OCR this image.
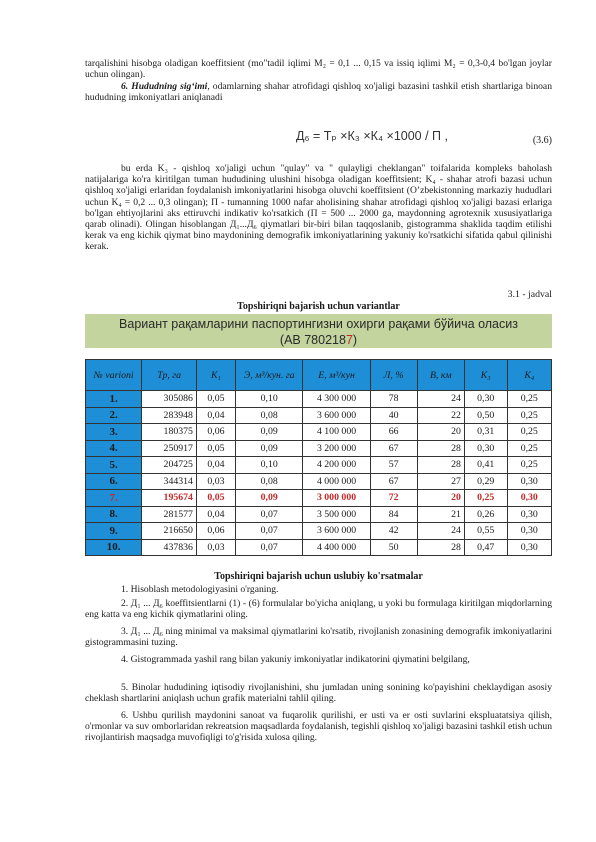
tarqalishini hisobga oladigan koeffitsient (mo"tadil iqlimi M₂ = 0,1 ... 0,15 va issiq iqlimi M₂ = 0,3-0,4 bo'lgan joylar uchun olingan).
6. Hududning sig‘imi, odamlarning shahar atrofidagi qishloq xo'jaligi bazasini tashkil etish shartlariga binoan hududning imkoniyatlari aniqlanadi
Д₆ = Тₚ ×К₃ ×К₄ ×1000 / П ,	(3.6)
bu erda K₃ - qishloq xo'jaligi uchun "qulay" va " qulayligi cheklangan" toifalarida kompleks baholash natijalariga ko'ra kiritilgan tuman hududining ulushini hisobga oladigan koeffitsient; K₄ - shahar atrofi bazasi uchun qishloq xo'jaligi erlaridan foydalanish imkoniyatlarini hisobga oluvchi koeffitsient (O’zbekistonning markaziy hududlari uchun K₄ = 0,2 ... 0,3 olingan); П - tumanning 1000 nafar aholisining shahar atrofidagi qishloq xo'jaligi bazasi erlariga bo'lgan ehtiyojlarini aks ettiruvchi indikativ ko'rsatkich (П = 500 ... 2000 ga, maydonning agrotexnik xususiyatlariga qarab olinadi). Olingan hisoblangan Д₁...Д₆ qiymatlari bir-biri bilan taqqoslanib, gistogramma shaklida taqdim etilishi kerak va eng kichik qiymat bino maydonining demografik imkoniyatlarining yakuniy ko'rsatkichi sifatida qabul qilinishi kerak.
3.1 - jadval
Topshiriqni bajarish uchun variantlar
Вариант рақамларини паспортингизни охирги рақами бўйича оласиз
(АВ 7802187)
№ varioni	Тр, га	К₁	Э, м³/кун. га	Е, м³/кун	Л, %	В, км	К₃	К₄
1.	305086	0,05	0,10	4 300 000	78	24	0,30	0,25
2.	283948	0,04	0,08	3 600 000	40	22	0,50	0,25
3.	180375	0,06	0,09	4 100 000	66	20	0,31	0,25
4.	250917	0,05	0,09	3 200 000	67	28	0,30	0,25
5.	204725	0,04	0,10	4 200 000	57	28	0,41	0,25
6.	344314	0,03	0,08	4 000 000	67	27	0,29	0,30
7.	195674	0,05	0,09	3 000 000	72	20	0,25	0,30
8.	281577	0,04	0,07	3 500 000	84	21	0,26	0,30
9.	216650	0,06	0,07	3 600 000	42	24	0,55	0,30
10.	437836	0,03	0,07	4 400 000	50	28	0,47	0,30
Topshiriqni bajarish uchun uslubiy ko'rsatmalar
1. Hisoblash metodologiyasini o'rganing.
2. Д₁ ... Д₆ koeffitsientlarni (1) - (6) formulalar bo'yicha aniqlang, u yoki bu formulaga kiritilgan miqdorlarning eng katta va eng kichik qiymatlarini oling.
3. Д₁ ... Д₆ ning minimal va maksimal qiymatlarini ko'rsatib, rivojlanish zonasining demografik imkoniyatlarini gistogrammasini tuzing.
4. Gistogrammada yashil rang bilan yakuniy imkoniyatlar indikatorini qiymatini belgilang,
5. Binolar hududining iqtisodiy rivojlanishini, shu jumladan uning sonining ko'payishini cheklaydigan asosiy cheklash shartlarini aniqlash uchun grafik materialni tahlil qiling.
6. Ushbu qurilish maydonini sanoat va fuqarolik qurilishi, er usti va er osti suvlarini ekspluatatsiya qilish, o'rmonlar va suv omborlaridan rekreatsion maqsadlarda foydalanish, tegishli qishloq xo'jaligi bazasini tashkil etish uchun rivojlantirish maqsadga muvofiqligi to'g'risida xulosa qiling.
